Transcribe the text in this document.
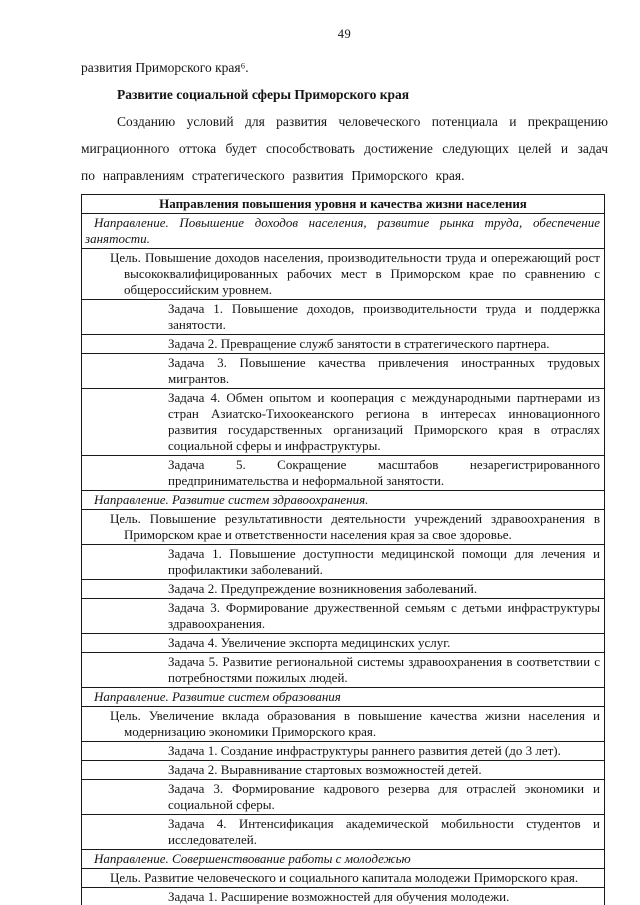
49

развития Приморского края⁶.

Развитие социальной сферы Приморского края

Созданию условий для развития человеческого потенциала и прекращению миграционного оттока будет способствовать достижение следующих целей и задач по направлениям стратегического развития Приморского края.

Направления повышения уровня и качества жизни населения
Направление. Повышение доходов населения, развитие рынка труда, обеспечение занятости.
Цель. Повышение доходов населения, производительности труда и опережающий рост высококвалифицированных рабочих мест в Приморском крае по сравнению с общероссийским уровнем.
Задача 1. Повышение доходов, производительности труда и поддержка занятости.
Задача 2. Превращение служб занятости в стратегического партнера.
Задача 3. Повышение качества привлечения иностранных трудовых мигрантов.
Задача 4. Обмен опытом и кооперация с международными партнерами из стран Азиатско-Тихоокеанского региона в интересах инновационного развития государственных организаций Приморского края в отраслях социальной сферы и инфраструктуры.
Задача 5. Сокращение масштабов незарегистрированного предпринимательства и неформальной занятости.
Направление. Развитие систем здравоохранения.
Цель. Повышение результативности деятельности учреждений здравоохранения в Приморском крае и ответственности населения края за свое здоровье.
Задача 1. Повышение доступности медицинской помощи для лечения и профилактики заболеваний.
Задача 2. Предупреждение возникновения заболеваний.
Задача 3. Формирование дружественной семьям с детьми инфраструктуры здравоохранения.
Задача 4. Увеличение экспорта медицинских услуг.
Задача 5. Развитие региональной системы здравоохранения в соответствии с потребностями пожилых людей.
Направление. Развитие систем образования
Цель. Увеличение вклада образования в повышение качества жизни населения и модернизацию экономики Приморского края.
Задача 1. Создание инфраструктуры раннего развития детей (до 3 лет).
Задача 2. Выравнивание стартовых возможностей детей.
Задача 3. Формирование кадрового резерва для отраслей экономики и социальной сферы.
Задача 4. Интенсификация академической мобильности студентов и исследователей.
Направление. Совершенствование работы с молодежью
Цель. Развитие человеческого и социального капитала молодежи Приморского края.
Задача 1. Расширение возможностей для обучения молодежи.
